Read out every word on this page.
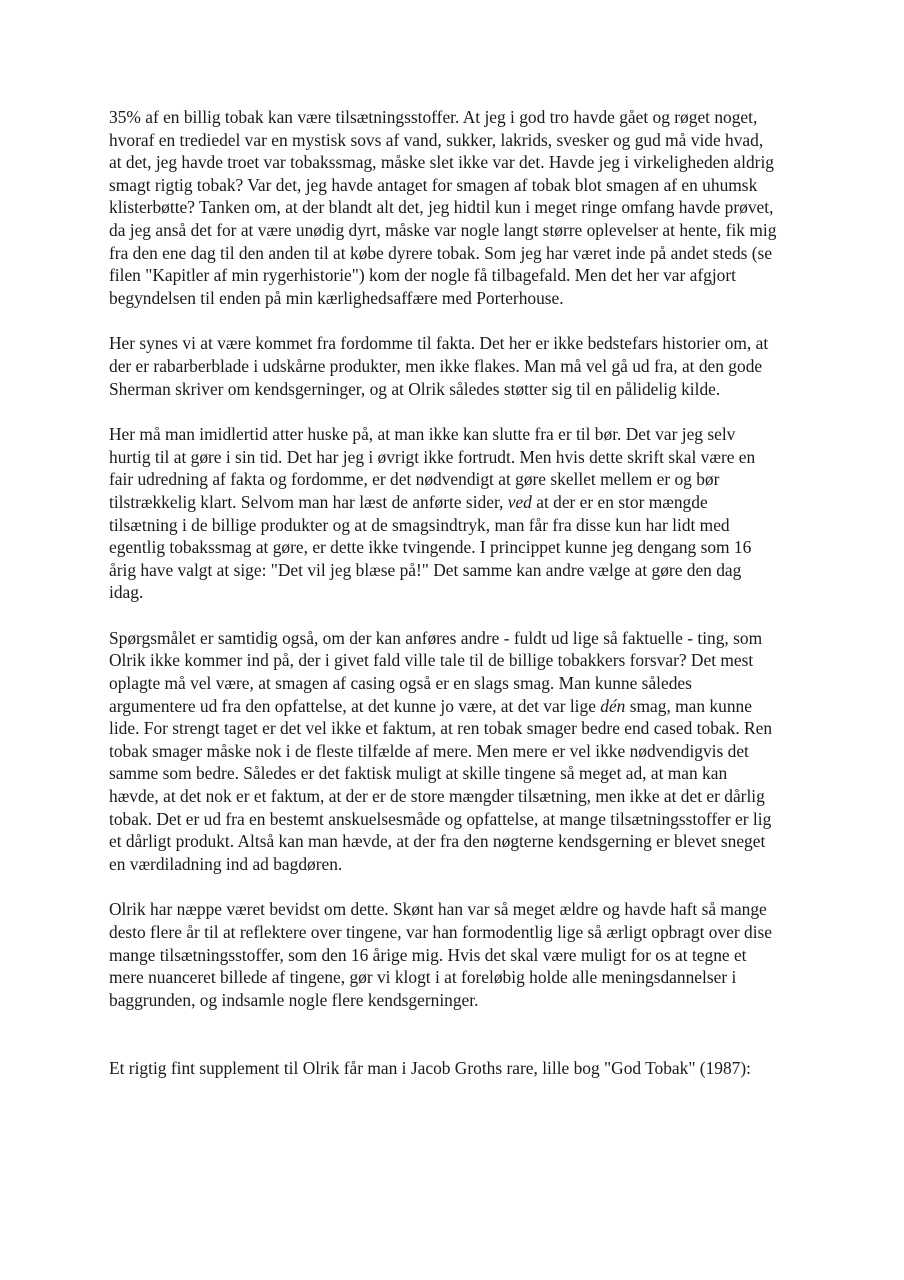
35% af en billig tobak kan være tilsætningsstoffer. At jeg i god tro havde gået og røget noget,
hvoraf en trediedel var en mystisk sovs af vand, sukker, lakrids, svesker og gud må vide hvad,
at det, jeg havde troet var tobakssmag, måske slet ikke var det. Havde jeg i virkeligheden aldrig
smagt rigtig tobak? Var det, jeg havde antaget for smagen af tobak blot smagen af en uhumsk
klisterbøtte? Tanken om, at der blandt alt det, jeg hidtil kun i meget ringe omfang havde prøvet,
da jeg anså det for at være unødig dyrt, måske var nogle langt større oplevelser at hente, fik mig
fra den ene dag til den anden til at købe dyrere tobak. Som jeg har været inde på andet steds (se
filen "Kapitler af min rygerhistorie") kom der nogle få tilbagefald. Men det her var afgjort
begyndelsen til enden på min kærlighedsaffære med Porterhouse.

Her synes vi at være kommet fra fordomme til fakta. Det her er ikke bedstefars historier om, at
der er rabarberblade i udskårne produkter, men ikke flakes. Man må vel gå ud fra, at den gode
Sherman skriver om kendsgerninger, og at Olrik således støtter sig til en pålidelig kilde.

Her må man imidlertid atter huske på, at man ikke kan slutte fra er til bør. Det var jeg selv
hurtig til at gøre i sin tid. Det har jeg i øvrigt ikke fortrudt. Men hvis dette skrift skal være en
fair udredning af fakta og fordomme, er det nødvendigt at gøre skellet mellem er og bør
tilstrækkelig klart. Selvom man har læst de anførte sider, ved at der er en stor mængde
tilsætning i de billige produkter og at de smagsindtryk, man får fra disse kun har lidt med
egentlig tobakssmag at gøre, er dette ikke tvingende. I princippet kunne jeg dengang som 16
årig have valgt at sige: "Det vil jeg blæse på!" Det samme kan andre vælge at gøre den dag
idag.

Spørgsmålet er samtidig også, om der kan anføres andre - fuldt ud lige så faktuelle - ting, som
Olrik ikke kommer ind på, der i givet fald ville tale til de billige tobakkers forsvar? Det mest
oplagte må vel være, at smagen af casing også er en slags smag. Man kunne således
argumentere ud fra den opfattelse, at det kunne jo være, at det var lige dén smag, man kunne
lide. For strengt taget er det vel ikke et faktum, at ren tobak smager bedre end cased tobak. Ren
tobak smager måske nok i de fleste tilfælde af mere. Men mere er vel ikke nødvendigvis det
samme som bedre. Således er det faktisk muligt at skille tingene så meget ad, at man kan
hævde, at det nok er et faktum, at der er de store mængder tilsætning, men ikke at det er dårlig
tobak. Det er ud fra en bestemt anskuelsesmåde og opfattelse, at mange tilsætningsstoffer er lig
et dårligt produkt. Altså kan man hævde, at der fra den nøgterne kendsgerning er blevet sneget
en værdiladning ind ad bagdøren.

Olrik har næppe været bevidst om dette. Skønt han var så meget ældre og havde haft så mange
desto flere år til at reflektere over tingene, var han formodentlig lige så ærligt opbragt over dise
mange tilsætningsstoffer, som den 16 årige mig. Hvis det skal være muligt for os at tegne et
mere nuanceret billede af tingene, gør vi klogt i at foreløbig holde alle meningsdannelser i
baggrunden, og indsamle nogle flere kendsgerninger.

Et rigtig fint supplement til Olrik får man i Jacob Groths rare, lille bog "God Tobak" (1987):
